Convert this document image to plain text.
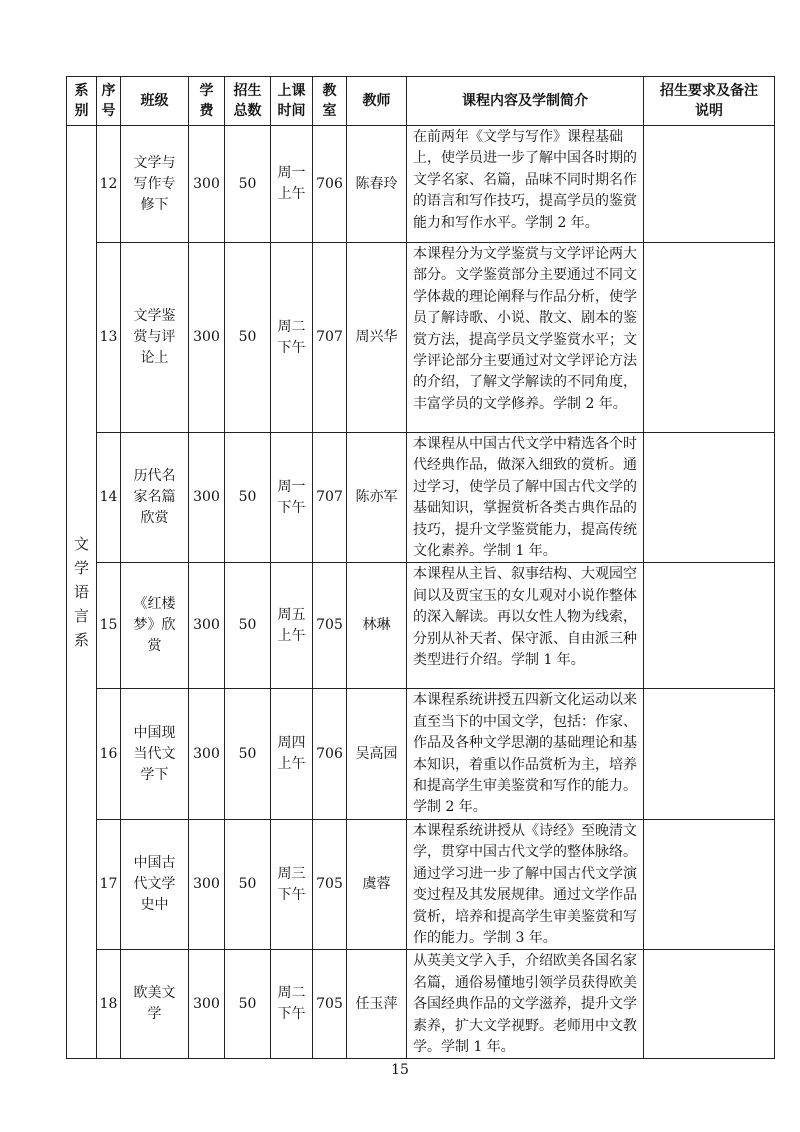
系别	序号	班级	学费	招生总数	上课时间	教室	教师	课程内容及学制简介	招生要求及备注说明
文学语言系	12	文学与写作专修下	300	50	周一上午	706	陈春玲	在前两年《文学与写作》课程基础上，使学员进一步了解中国各时期的文学名家、名篇，品味不同时期名作的语言和写作技巧，提高学员的鉴赏能力和写作水平。学制 2 年。	
	13	文学鉴赏与评论上	300	50	周二下午	707	周兴华	本课程分为文学鉴赏与文学评论两大部分。文学鉴赏部分主要通过不同文学体裁的理论阐释与作品分析，使学员了解诗歌、小说、散文、剧本的鉴赏方法，提高学员文学鉴赏水平；文学评论部分主要通过对文学评论方法的介绍，了解文学解读的不同角度，丰富学员的文学修养。学制 2 年。	
	14	历代名家名篇欣赏	300	50	周一下午	707	陈亦军	本课程从中国古代文学中精选各个时代经典作品，做深入细致的赏析。通过学习，使学员了解中国古代文学的基础知识，掌握赏析各类古典作品的技巧，提升文学鉴赏能力，提高传统文化素养。学制 1 年。	
	15	《红楼梦》欣赏	300	50	周五上午	705	林琳	本课程从主旨、叙事结构、大观园空间以及贾宝玉的女儿观对小说作整体的深入解读。再以女性人物为线索，分别从补天者、保守派、自由派三种类型进行介绍。学制 1 年。	
	16	中国现当代文学下	300	50	周四上午	706	吴高园	本课程系统讲授五四新文化运动以来直至当下的中国文学，包括：作家、作品及各种文学思潮的基础理论和基本知识，着重以作品赏析为主，培养和提高学生审美鉴赏和写作的能力。学制 2 年。	
	17	中国古代文学史中	300	50	周三下午	705	虞蓉	本课程系统讲授从《诗经》至晚清文学，贯穿中国古代文学的整体脉络。通过学习进一步了解中国古代文学演变过程及其发展规律。通过文学作品赏析，培养和提高学生审美鉴赏和写作的能力。学制 3 年。	
	18	欧美文学	300	50	周二下午	705	任玉萍	从英美文学入手，介绍欧美各国名家名篇，通俗易懂地引领学员获得欧美各国经典作品的文学滋养，提升文学素养，扩大文学视野。老师用中文教学。学制 1 年。	
15
